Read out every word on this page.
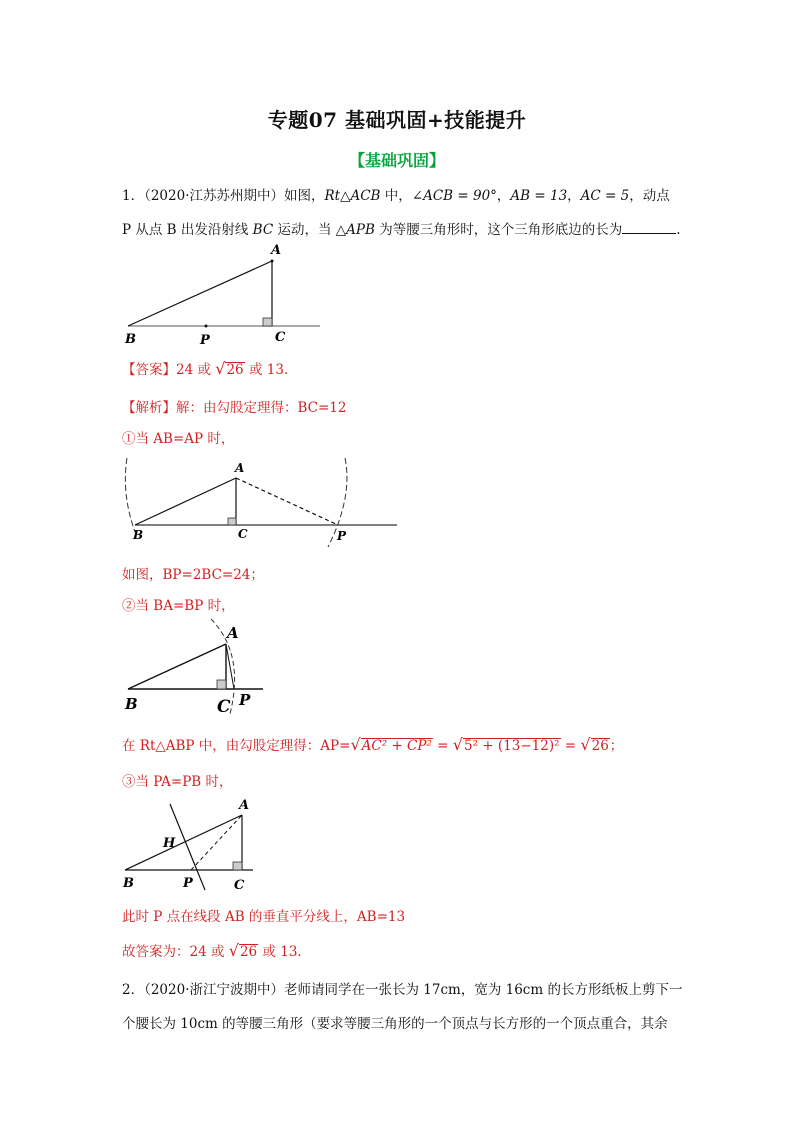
专题07 基础巩固+技能提升
【基础巩固】
1．（2020·江苏苏州期中）如图，Rt△ACB 中，∠ACB = 90°，AB = 13，AC = 5，动点
P 从点 B 出发沿射线 BC 运动，当 △APB 为等腰三角形时，这个三角形底边的长为	.
A
B	P	C
【答案】24 或 √26 或 13.
【解析】解：由勾股定理得：BC=12
①当 AB=AP 时，
A
B	C	P
如图，BP=2BC=24；
②当 BA=BP 时，
A
B	C P
在 Rt△ABP 中，由勾股定理得：AP=√AC² + CP² = √5² + (13−12)² = √26；
③当 PA=PB 时，
A
H
B	P	C
此时 P 点在线段 AB 的垂直平分线上，AB=13
故答案为：24 或 √26 或 13.
2．（2020·浙江宁波期中）老师请同学在一张长为 17cm，宽为 16cm 的长方形纸板上剪下一
个腰长为 10cm 的等腰三角形（要求等腰三角形的一个顶点与长方形的一个顶点重合，其余
